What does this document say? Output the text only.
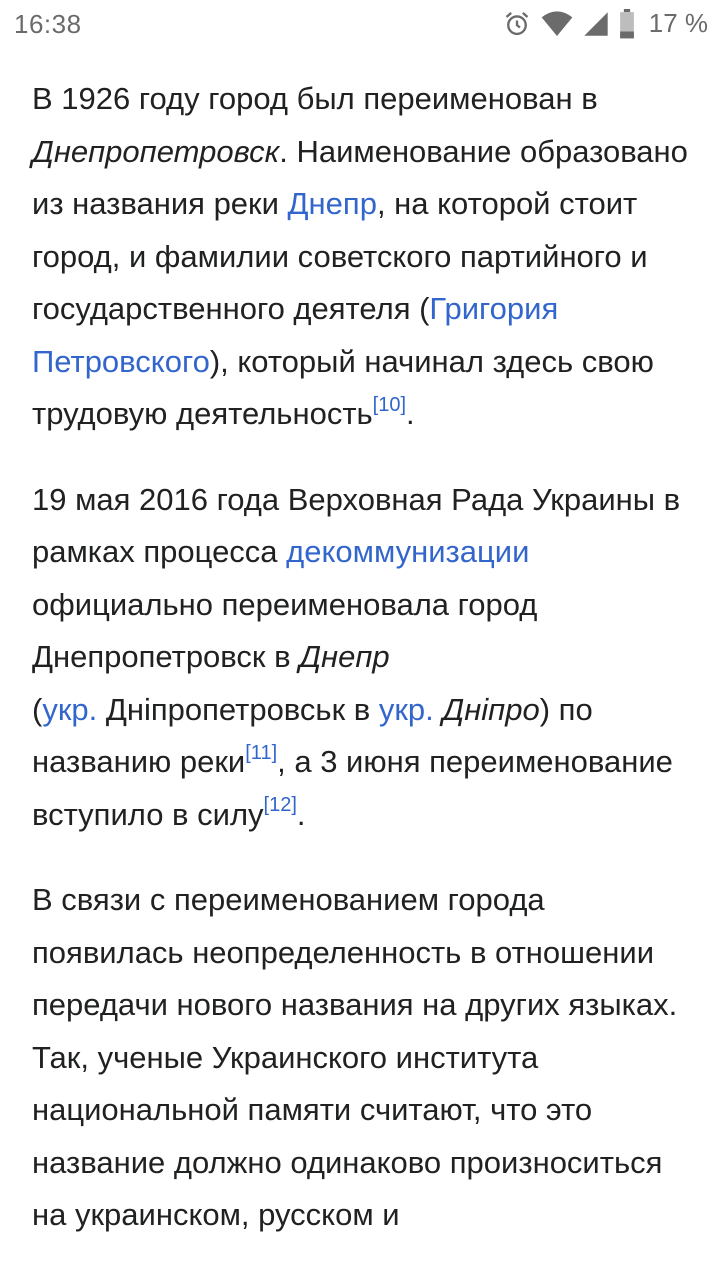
16:38	17 %

В 1926 году город был переименован в Днепропетровск. Наименование образовано из названия реки Днепр, на которой стоит город, и фамилии советского партийного и государственного деятеля (Григория Петровского), который начинал здесь свою трудовую деятельность[10].

19 мая 2016 года Верховная Рада Украины в рамках процесса декоммунизации официально переименовала город Днепропетровск в Днепр
(укр. Дніпропетровськ в укр. Дніпро) по названию реки[11], а 3 июня переименование вступило в силу[12].

В связи с переименованием города появилась неопределенность в отношении передачи нового названия на других языках. Так, ученые Украинского института национальной памяти считают, что это название должно одинаково произноситься на украинском, русском и
